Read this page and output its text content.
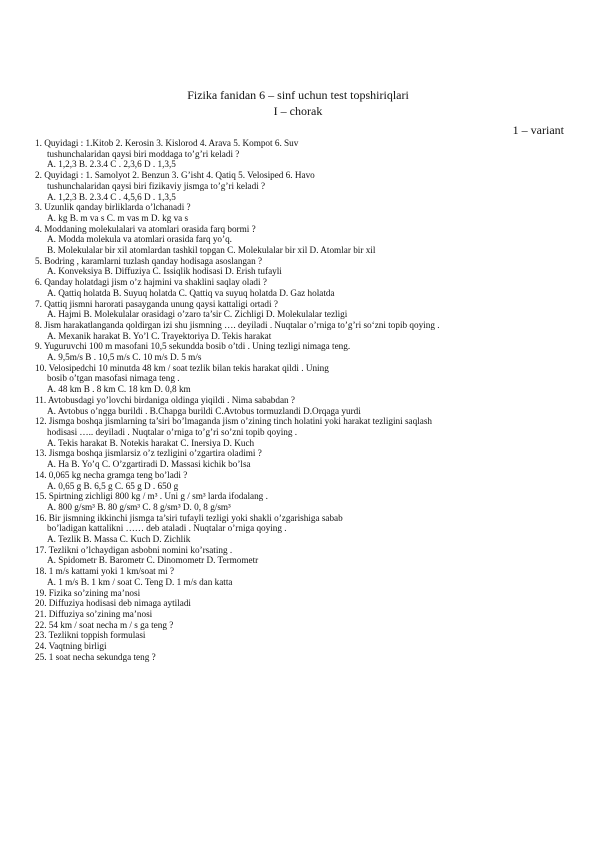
Fizika fanidan 6 – sinf uchun test topshiriqlari
I – chorak
1 – variant
1. Quyidagi : 1.Kitob 2. Kerosin 3. Kislorod 4. Arava 5. Kompot 6. Suv
tushunchalaridan qaysi biri moddaga to’g’ri keladi ?
A. 1,2,3 B. 2.3.4 C . 2,3,6 D . 1,3,5
2. Quyidagi : 1. Samolyot 2. Benzun 3. G’isht 4. Qatiq 5. Velosiped 6. Havo
tushunchalaridan qaysi biri fizikaviy jismga to’g’ri keladi ?
A. 1,2,3 B. 2.3.4 C . 4,5,6 D . 1,3,5
3. Uzunlik qanday birliklarda o’lchanadi ?
A. kg B. m va s C. m vas m D. kg va s
4. Moddaning molekulalari va atomlari orasida farq bormi ?
A. Modda molekula va atomlari orasida farq yo’q.
B. Molekulalar bir xil atomlardan tashkil topgan C. Molekulalar bir xil D. Atomlar bir xil
5. Bodring , karamlarni tuzlash qanday hodisaga asoslangan ?
A. Konveksiya B. Diffuziya C. Issiqlik hodisasi D. Erish tufayli
6. Qanday holatdagi jism o’z hajmini va shaklini saqlay oladi ?
A. Qattiq holatda B. Suyuq holatda C. Qattiq va suyuq holatda D. Gaz holatda
7. Qattiq jismni harorati pasayganda unung qaysi kattaligi ortadi ?
A. Hajmi B. Molekulalar orasidagi o’zaro ta’sir C. Zichligi D. Molekulalar tezligi
8. Jism harakatlanganda qoldirgan izi shu jismning …. deyiladi . Nuqtalar o’rniga to’g’ri so‘zni topib qoying .
A. Mexanik harakat B. Yo’l C. Trayektoriya D. Tekis harakat
9. Yuguruvchi 100 m masofani 10,5 sekundda bosib o’tdi . Uning tezligi nimaga teng.
A. 9,5m/s B . 10,5 m/s C. 10 m/s D. 5 m/s
10. Velosipedchi 10 minutda 48 km / soat tezlik bilan tekis harakat qildi . Uning
bosib o’tgan masofasi nimaga teng .
A. 48 km B . 8 km C. 18 km D. 0,8 km
11. Avtobusdagi yo’lovchi birdaniga oldinga yiqildi . Nima sababdan ?
A. Avtobus o’ngga burildi . B.Chapga burildi C.Avtobus tormuzlandi D.Orqaga yurdi
12. Jismga boshqa jismlarning ta’siri bo’lmaganda jism o’zining tinch holatini yoki harakat tezligini saqlash
hodisasi ….. deyiladi . Nuqtalar o’rniga to’g’ri so’zni topib qoying .
A. Tekis harakat B. Notekis harakat C. Inersiya D. Kuch
13. Jismga boshqa jismlarsiz o’z tezligini o’zgartira oladimi ?
A. Ha B. Yo’q C. O’zgartiradi D. Massasi kichik bo’lsa
14. 0,065 kg necha gramga teng bo’ladi ?
A. 0,65 g B. 6,5 g C. 65 g D . 650 g
15. Spirtning zichligi 800 kg / m³ . Uni g / sm³ larda ifodalang .
A. 800 g/sm³ B. 80 g/sm³ C. 8 g/sm³ D. 0, 8 g/sm³
16. Bir jismning ikkinchi jismga ta’siri tufayli tezligi yoki shakli o’zgarishiga sabab
bo’ladigan kattalikni …… deb ataladi . Nuqtalar o’rniga qoying .
A. Tezlik B. Massa C. Kuch D. Zichlik
17. Tezlikni o’lchaydigan asbobni nomini ko’rsating .
A. Spidometr B. Barometr C. Dinomometr D. Termometr
18. 1 m/s kattami yoki 1 km/soat mi ?
A. 1 m/s B. 1 km / soat C. Teng D. 1 m/s dan katta
19. Fizika so’zining ma’nosi
20. Diffuziya hodisasi deb nimaga aytiladi
21. Diffuziya so’zining ma’nosi
22. 54 km / soat necha m / s ga teng ?
23. Tezlikni toppish formulasi
24. Vaqtning birligi
25. 1 soat necha sekundga teng ?
